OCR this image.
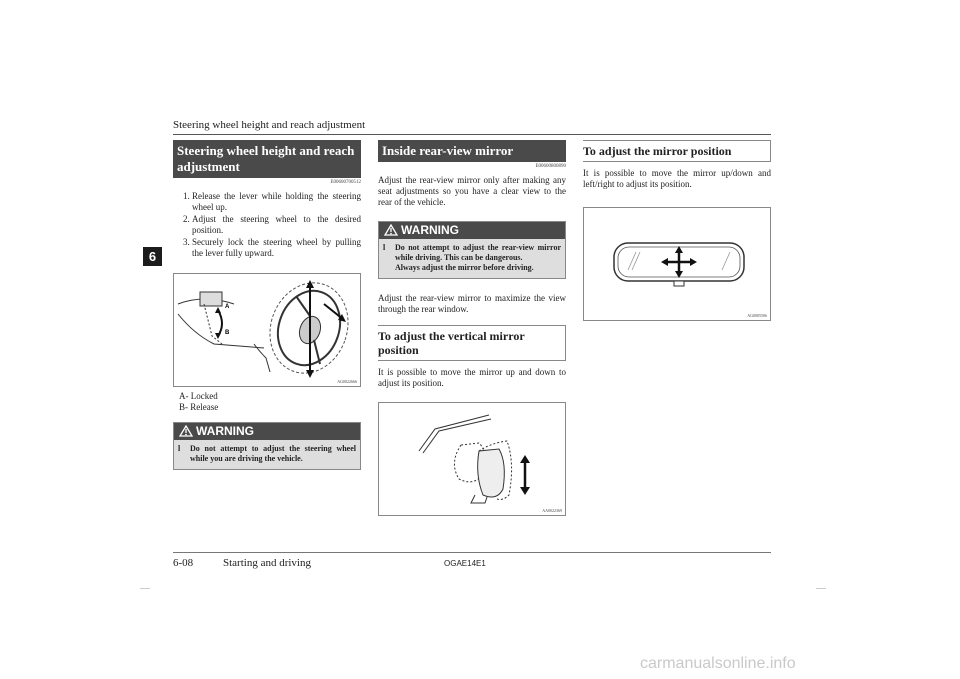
Steering wheel height and reach adjustment
6
Steering wheel height and reach adjustment
E00600700512
1. Release the lever while holding the steering wheel up.
2. Adjust the steering wheel to the desired position.
3. Securely lock the steering wheel by pulling the lever fully upward.
A
B
AG0022666
A- Locked
B- Release
WARNING
l	Do not attempt to adjust the steering wheel while you are driving the vehicle.
Inside rear-view mirror
E00600800890
Adjust the rear-view mirror only after making any seat adjustments so you have a clear view to the rear of the vehicle.
WARNING
l	Do not attempt to adjust the rear-view mirror while driving. This can be dangerous.
Always adjust the mirror before driving.
Adjust the rear-view mirror to maximize the view through the rear window.
To adjust the vertical mirror position
It is possible to move the mirror up and down to adjust its position.
AA0022369
To adjust the mirror position
It is possible to move the mirror up/down and left/right to adjust its position.
AG0005506
6-08	Starting and driving	OGAE14E1
carmanualsonline.info
